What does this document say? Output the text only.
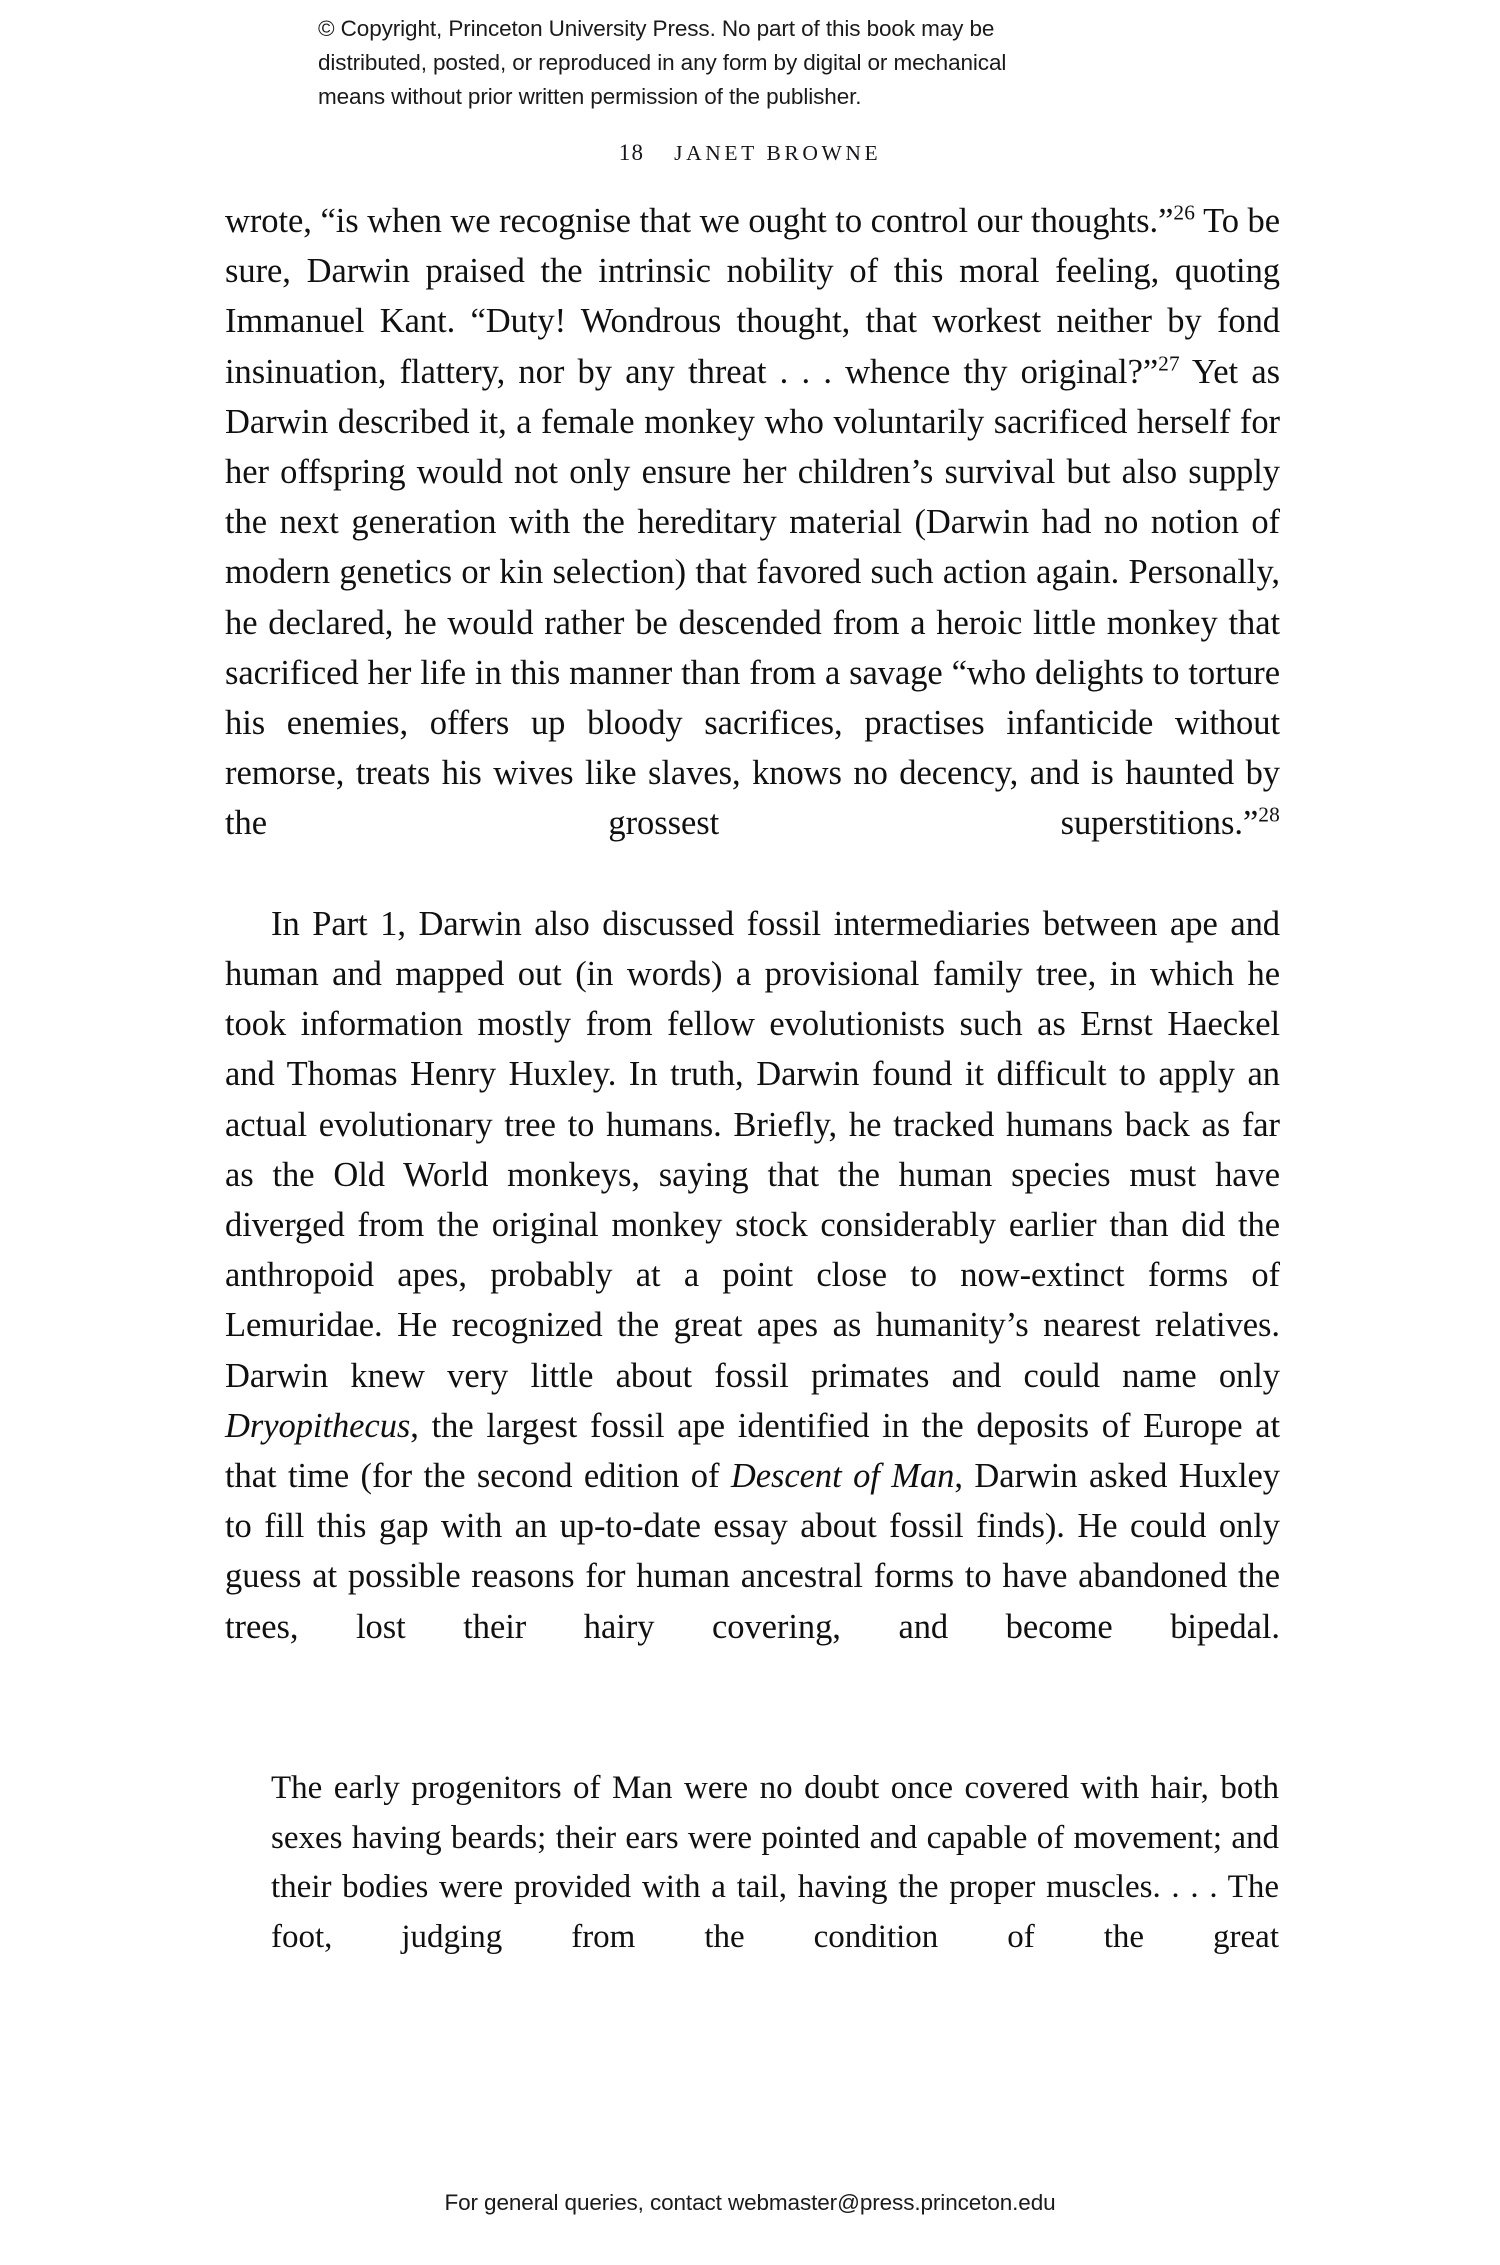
© Copyright, Princeton University Press. No part of this book may be
distributed, posted, or reproduced in any form by digital or mechanical
means without prior written permission of the publisher.
18 JANET BROWNE

wrote, “is when we recognise that we ought to control our thoughts.”$^{26}$ To be sure, Darwin praised the intrinsic nobility of this moral feeling, quoting Immanuel Kant. “Duty! Wondrous thought, that workest neither by fond insinuation, flattery, nor by any threat . . . whence thy original?”$^{27}$ Yet as Darwin described it, a female monkey who voluntarily sacrificed herself for her offspring would not only ensure her children’s survival but also supply the next generation with the hereditary material (Darwin had no notion of modern genetics or kin selection) that favored such action again. Personally, he declared, he would rather be descended from a heroic little monkey that sacrificed her life in this manner than from a savage “who delights to torture his enemies, offers up bloody sacrifices, practises infanticide without remorse, treats his wives like slaves, knows no decency, and is haunted by the grossest superstitions.”$^{28}$

In Part 1, Darwin also discussed fossil intermediaries between ape and human and mapped out (in words) a provisional family tree, in which he took information mostly from fellow evolutionists such as Ernst Haeckel and Thomas Henry Huxley. In truth, Darwin found it difficult to apply an actual evolutionary tree to humans. Briefly, he tracked humans back as far as the Old World monkeys, saying that the human species must have diverged from the original monkey stock considerably earlier than did the anthropoid apes, probably at a point close to now-extinct forms of Lemuridae. He recognized the great apes as humanity’s nearest relatives. Darwin knew very little about fossil primates and could name only Dryopithecus, the largest fossil ape identified in the deposits of Europe at that time (for the second edition of Descent of Man, Darwin asked Huxley to fill this gap with an up-to-date essay about fossil finds). He could only guess at possible reasons for human ancestral forms to have abandoned the trees, lost their hairy covering, and become bipedal.

The early progenitors of Man were no doubt once covered with hair, both sexes having beards; their ears were pointed and capable of movement; and their bodies were provided with a tail, having the proper muscles. . . . The foot, judging from the condition of the great

For general queries, contact webmaster@press.princeton.edu
